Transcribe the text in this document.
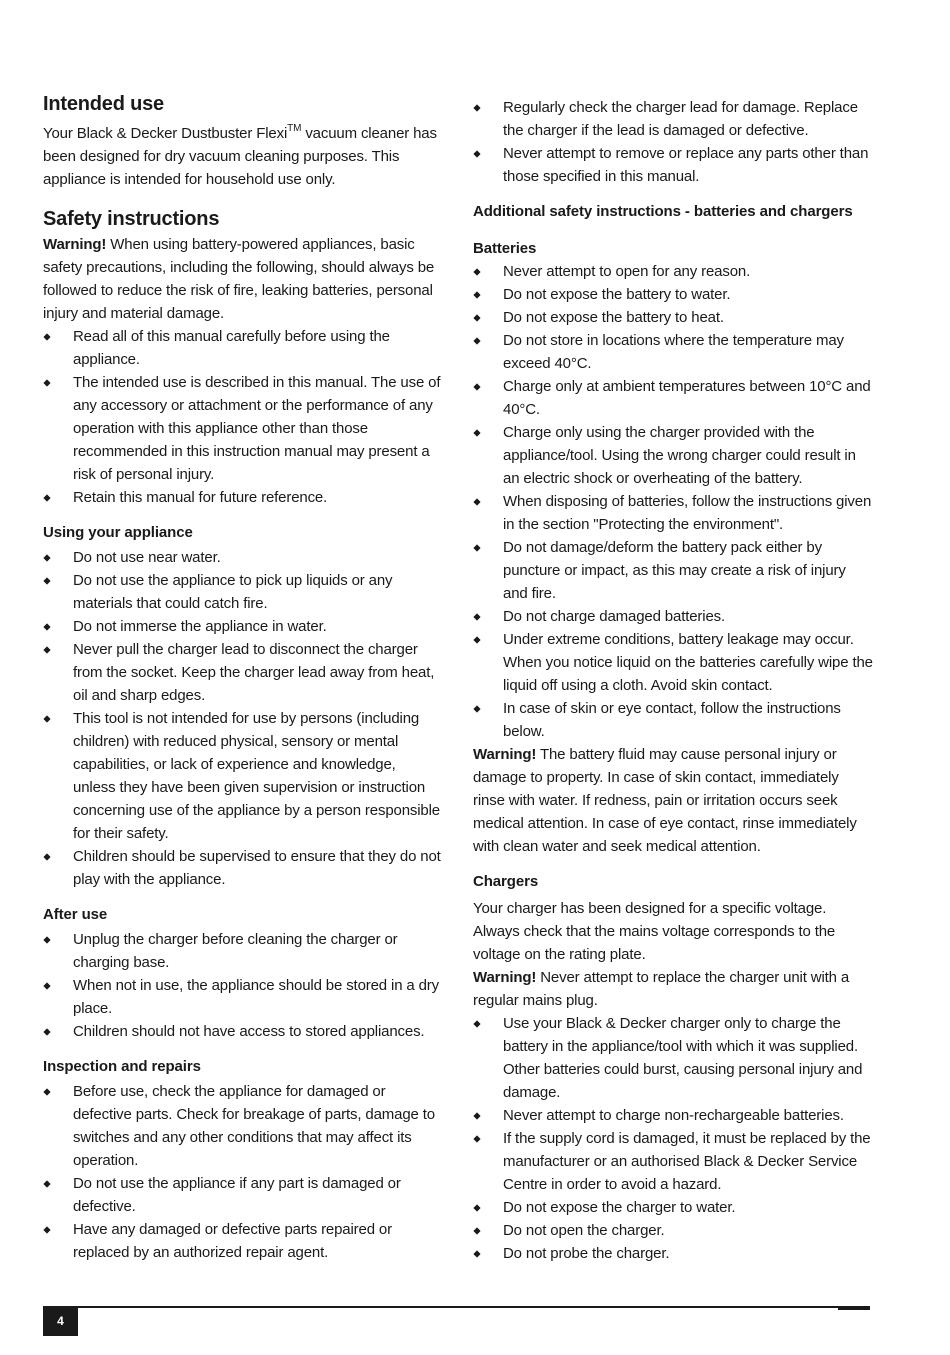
Intended use

Your Black & Decker Dustbuster Flexi™ vacuum cleaner has been designed for dry vacuum cleaning purposes. This appliance is intended for household use only.

Safety instructions

Warning! When using battery-powered appliances, basic safety precautions, including the following, should always be followed to reduce the risk of fire, leaking batteries, personal injury and material damage.

Read all of this manual carefully before using the appliance.
The intended use is described in this manual. The use of any accessory or attachment or the performance of any operation with this appliance other than those recommended in this instruction manual may present a risk of personal injury.
Retain this manual for future reference.
Using your appliance
Do not use near water.
Do not use the appliance to pick up liquids or any materials that could catch fire.
Do not immerse the appliance in water.
Never pull the charger lead to disconnect the charger from the socket. Keep the charger lead away from heat, oil and sharp edges.
This tool is not intended for use by persons (including children) with reduced physical, sensory or mental capabilities, or lack of experience and knowledge, unless they have been given supervision or instruction concerning use of the appliance by a person responsible for their safety.
Children should be supervised to ensure that they do not play with the appliance.
After use
Unplug the charger before cleaning the charger or charging base.
When not in use, the appliance should be stored in a dry place.
Children should not have access to stored appliances.
Inspection and repairs
Before use, check the appliance for damaged or defective parts. Check for breakage of parts, damage to switches and any other conditions that may affect its operation.
Do not use the appliance if any part is damaged or defective.
Have any damaged or defective parts repaired or replaced by an authorized repair agent.
Regularly check the charger lead for damage. Replace the charger if the lead is damaged or defective.
Never attempt to remove or replace any parts other than those specified in this manual.
Additional safety instructions - batteries and chargers
Batteries
Never attempt to open for any reason.
Do not expose the battery to water.
Do not expose the battery to heat.
Do not store in locations where the temperature may exceed 40°C.
Charge only at ambient temperatures between 10°C and 40°C.
Charge only using the charger provided with the appliance/tool. Using the wrong charger could result in an electric shock or overheating of the battery.
When disposing of batteries, follow the instructions given in the section "Protecting the environment".
Do not damage/deform the battery pack either by puncture or impact, as this may create a risk of injury and fire.
Do not charge damaged batteries.
Under extreme conditions, battery leakage may occur. When you notice liquid on the batteries carefully wipe the liquid off using a cloth. Avoid skin contact.
In case of skin or eye contact, follow the instructions below.

Warning! The battery fluid may cause personal injury or damage to property. In case of skin contact, immediately rinse with water. If redness, pain or irritation occurs seek medical attention. In case of eye contact, rinse immediately with clean water and seek medical attention.

Chargers

Your charger has been designed for a specific voltage. Always check that the mains voltage corresponds to the voltage on the rating plate.

Warning! Never attempt to replace the charger unit with a regular mains plug.

Use your Black & Decker charger only to charge the battery in the appliance/tool with which it was supplied. Other batteries could burst, causing personal injury and damage.
Never attempt to charge non-rechargeable batteries.
If the supply cord is damaged, it must be replaced by the manufacturer or an authorised Black & Decker Service Centre in order to avoid a hazard.
Do not expose the charger to water.
Do not open the charger.
Do not probe the charger.
4
